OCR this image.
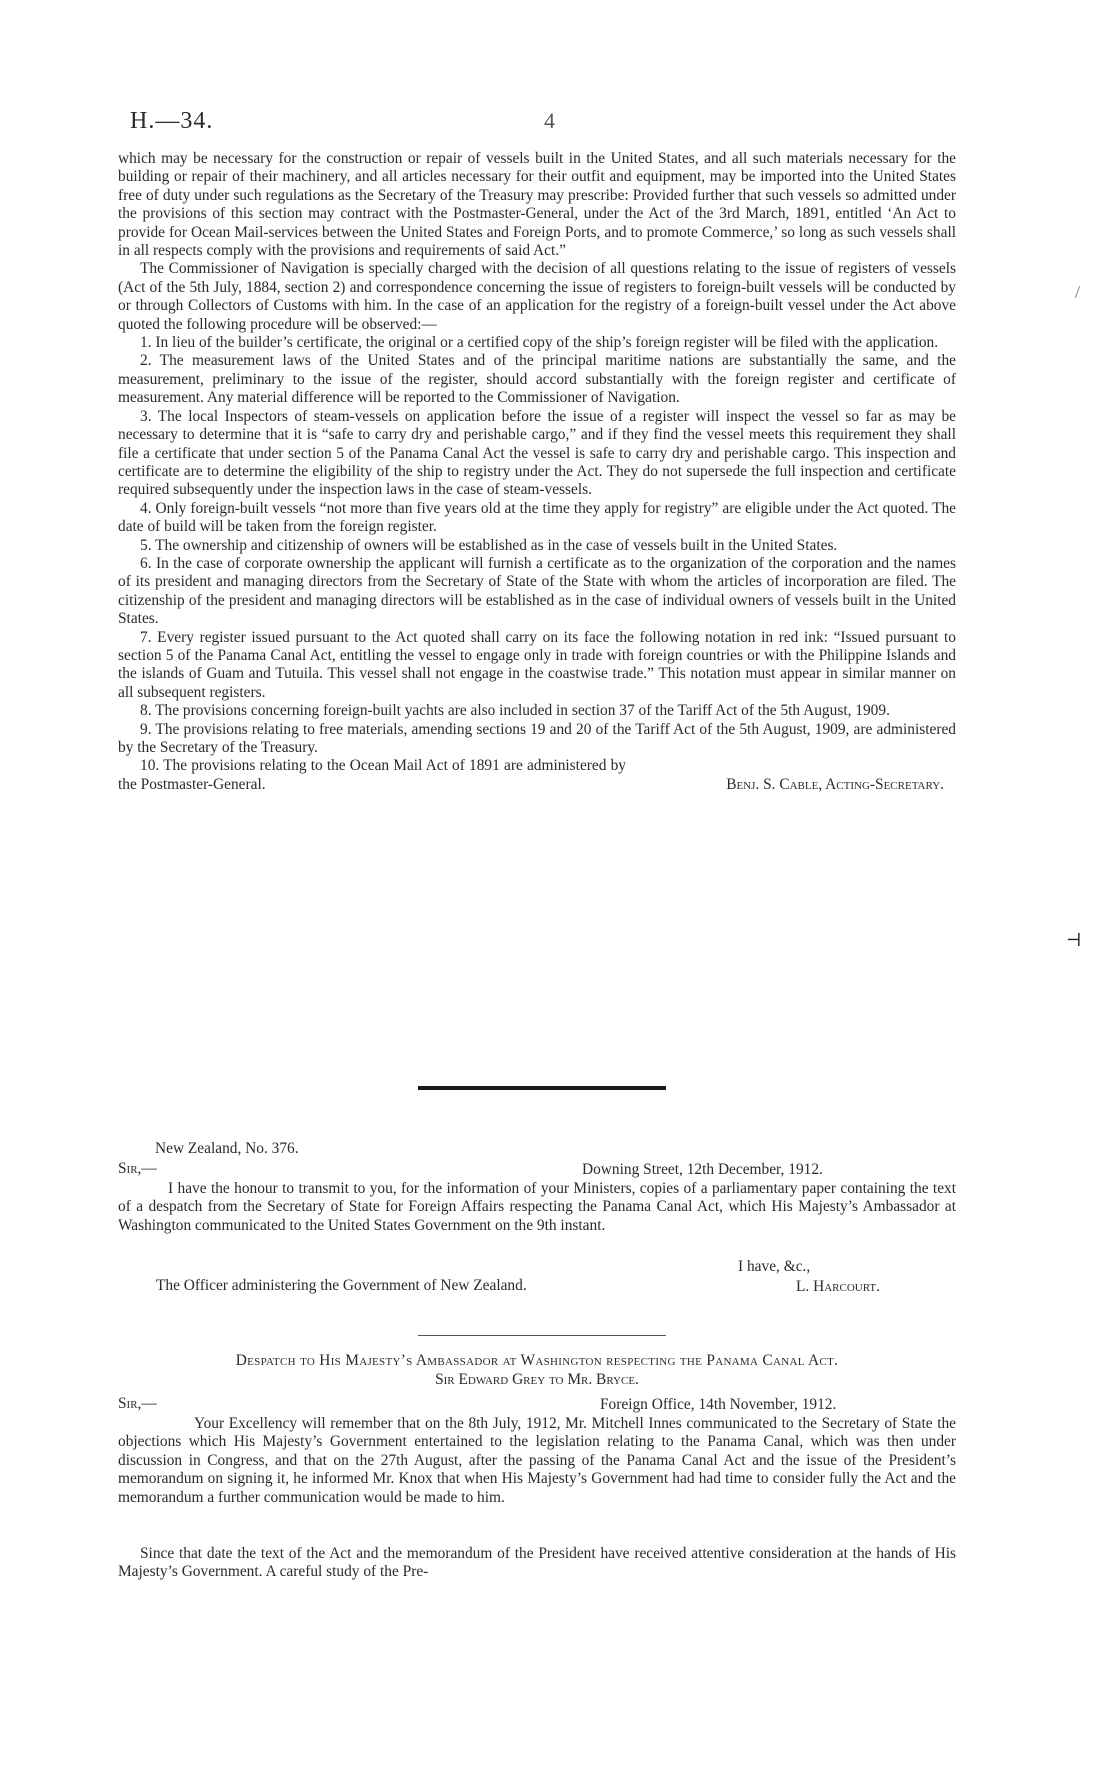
H.—34.	4

which may be necessary for the construction or repair of vessels built in the United States, and all such materials necessary for the building or repair of their machinery, and all articles necessary for their outfit and equipment, may be imported into the United States free of duty under such regulations as the Secretary of the Treasury may prescribe: Provided further that such vessels so admitted under the provisions of this section may contract with the Postmaster-General, under the Act of the 3rd March, 1891, entitled ‘An Act to provide for Ocean Mail-services between the United States and Foreign Ports, and to promote Commerce,’ so long as such vessels shall in all respects comply with the provisions and requirements of said Act.”

The Commissioner of Navigation is specially charged with the decision of all questions relating to the issue of registers of vessels (Act of the 5th July, 1884, section 2) and correspondence concerning the issue of registers to foreign-built vessels will be conducted by or through Collectors of Customs with him. In the case of an application for the registry of a foreign-built vessel under the Act above quoted the following procedure will be observed:—

1. In lieu of the builder’s certificate, the original or a certified copy of the ship’s foreign register will be filed with the application.

2. The measurement laws of the United States and of the principal maritime nations are substantially the same, and the measurement, preliminary to the issue of the register, should accord substantially with the foreign register and certificate of measurement. Any material difference will be reported to the Commissioner of Navigation.

3. The local Inspectors of steam-vessels on application before the issue of a register will inspect the vessel so far as may be necessary to determine that it is “safe to carry dry and perishable cargo,” and if they find the vessel meets this requirement they shall file a certificate that under section 5 of the Panama Canal Act the vessel is safe to carry dry and perishable cargo. This inspection and certificate are to determine the eligibility of the ship to registry under the Act. They do not supersede the full inspection and certificate required subsequently under the inspection laws in the case of steam-vessels.

4. Only foreign-built vessels “not more than five years old at the time they apply for registry” are eligible under the Act quoted. The date of build will be taken from the foreign register.

5. The ownership and citizenship of owners will be established as in the case of vessels built in the United States.

6. In the case of corporate ownership the applicant will furnish a certificate as to the organization of the corporation and the names of its president and managing directors from the Secretary of State of the State with whom the articles of incorporation are filed. The citizenship of the president and managing directors will be established as in the case of individual owners of vessels built in the United States.

7. Every register issued pursuant to the Act quoted shall carry on its face the following notation in red ink: “Issued pursuant to section 5 of the Panama Canal Act, entitling the vessel to engage only in trade with foreign countries or with the Philippine Islands and the islands of Guam and Tutuila. This vessel shall not engage in the coastwise trade.” This notation must appear in similar manner on all subsequent registers.

8. The provisions concerning foreign-built yachts are also included in section 37 of the Tariff Act of the 5th August, 1909.

9. The provisions relating to free materials, amending sections 19 and 20 of the Tariff Act of the 5th August, 1909, are administered by the Secretary of the Treasury.

10. The provisions relating to the Ocean Mail Act of 1891 are administered by the Postmaster-General.	Benj. S. Cable, Acting-Secretary.
New Zealand, No. 376.
Sir,—	Downing Street, 12th December, 1912.
I have the honour to transmit to you, for the information of your Ministers, copies of a parliamentary paper containing the text of a despatch from the Secretary of State for Foreign Affairs respecting the Panama Canal Act, which His Majesty’s Ambassador at Washington communicated to the United States Government on the 9th instant.
I have, &c.,
The Officer administering the Government of New Zealand.	L. Harcourt.
Despatch to His Majesty’s Ambassador at Washington respecting the Panama Canal Act.
Sir Edward Grey to Mr. Bryce.
Sir,—	Foreign Office, 14th November, 1912.
Your Excellency will remember that on the 8th July, 1912, Mr. Mitchell Innes communicated to the Secretary of State the objections which His Majesty’s Government entertained to the legislation relating to the Panama Canal, which was then under discussion in Congress, and that on the 27th August, after the passing of the Panama Canal Act and the issue of the President’s memorandum on signing it, he informed Mr. Knox that when His Majesty’s Government had had time to consider fully the Act and the memorandum a further communication would be made to him.
Since that date the text of the Act and the memorandum of the President have received attentive consideration at the hands of His Majesty’s Government. A careful study of the Pre-
/
⊣
